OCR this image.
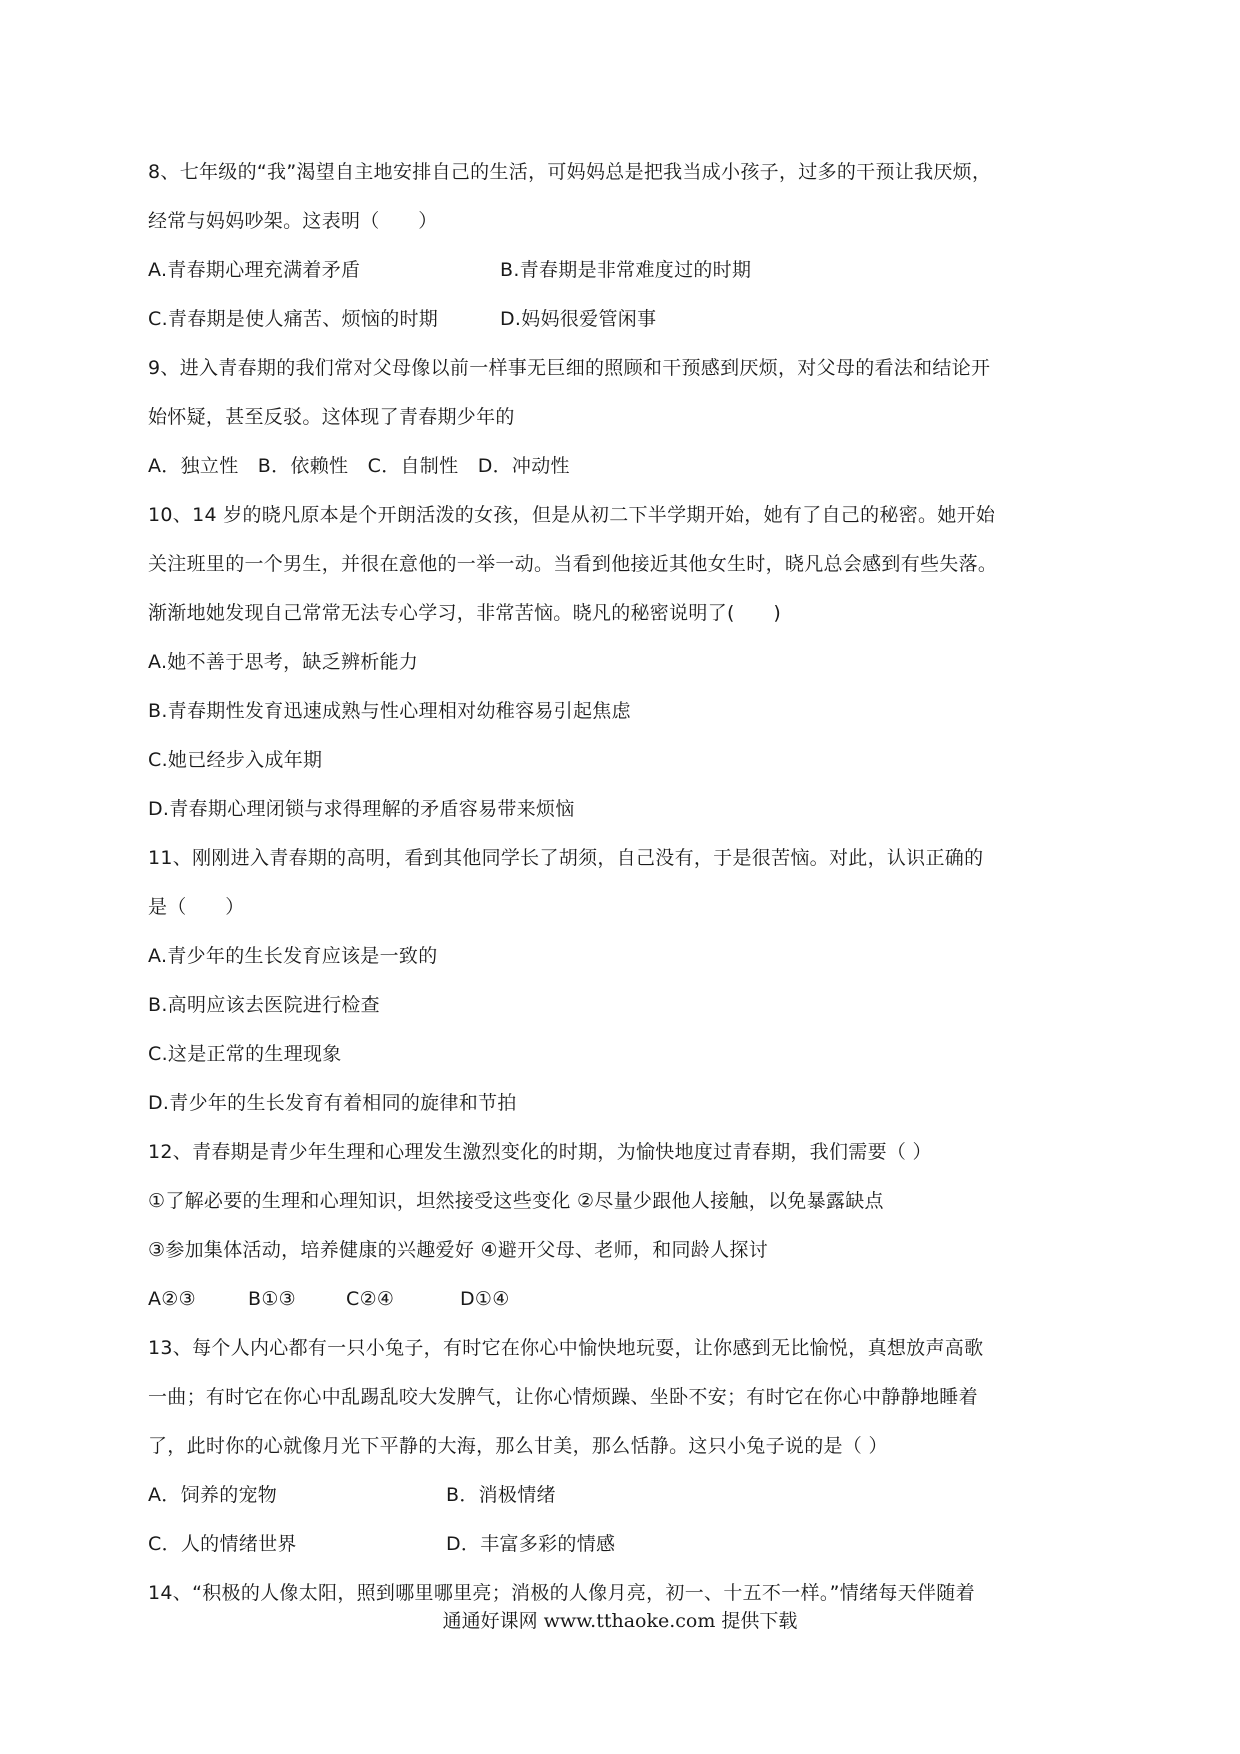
8、七年级的“我”渴望自主地安排自己的生活，可妈妈总是把我当成小孩子，过多的干预让我厌烦，
经常与妈妈吵架。这表明（　　）
A.青春期心理充满着矛盾	B.青春期是非常难度过的时期
C.青春期是使人痛苦、烦恼的时期	D.妈妈很爱管闲事
9、进入青春期的我们常对父母像以前一样事无巨细的照顾和干预感到厌烦，对父母的看法和结论开
始怀疑，甚至反驳。这体现了青春期少年的
A．独立性　B．依赖性　C．自制性　D．冲动性
10、14 岁的晓凡原本是个开朗活泼的女孩，但是从初二下半学期开始，她有了自己的秘密。她开始
关注班里的一个男生，并很在意他的一举一动。当看到他接近其他女生时，晓凡总会感到有些失落。
渐渐地她发现自己常常无法专心学习，非常苦恼。晓凡的秘密说明了(　　)
A.她不善于思考，缺乏辨析能力
B.青春期性发育迅速成熟与性心理相对幼稚容易引起焦虑
C.她已经步入成年期
D.青春期心理闭锁与求得理解的矛盾容易带来烦恼
11、刚刚进入青春期的高明，看到其他同学长了胡须，自己没有，于是很苦恼。对此，认识正确的
是（　　）
A.青少年的生长发育应该是一致的
B.高明应该去医院进行检查
C.这是正常的生理现象
D.青少年的生长发育有着相同的旋律和节拍
12、青春期是青少年生理和心理发生激烈变化的时期，为愉快地度过青春期，我们需要（ ）
①了解必要的生理和心理知识，坦然接受这些变化 ②尽量少跟他人接触，以免暴露缺点
③参加集体活动，培养健康的兴趣爱好 ④避开父母、老师，和同龄人探讨
A②③	B①③	C②④	D①④
13、每个人内心都有一只小兔子，有时它在你心中愉快地玩耍，让你感到无比愉悦，真想放声高歌
一曲；有时它在你心中乱踢乱咬大发脾气，让你心情烦躁、坐卧不安；有时它在你心中静静地睡着
了，此时你的心就像月光下平静的大海，那么甘美，那么恬静。这只小兔子说的是（ ）
A．饲养的宠物	B．消极情绪
C．人的情绪世界	D．丰富多彩的情感
14、“积极的人像太阳，照到哪里哪里亮；消极的人像月亮，初一、十五不一样。”情绪每天伴随着
通通好课网 www.tthaoke.com 提供下载
